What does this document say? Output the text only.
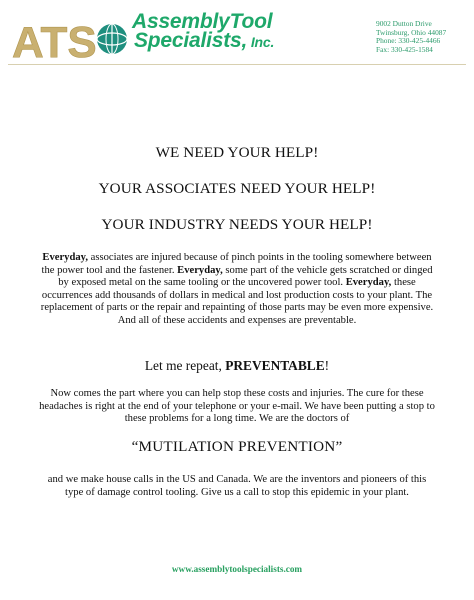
ATS AssemblyTool
Specialists, Inc.
9002 Dutton Drive
Twinsburg, Ohio 44087
Phone: 330-425-4466
Fax: 330-425-1584
WE NEED YOUR HELP!
YOUR ASSOCIATES NEED YOUR HELP!
YOUR INDUSTRY NEEDS YOUR HELP!
Everyday, associates are injured because of pinch points in the tooling somewhere between the power tool and the fastener. Everyday, some part of the vehicle gets scratched or dinged by exposed metal on the same tooling or the uncovered power tool. Everyday, these occurrences add thousands of dollars in medical and lost production costs to your plant. The replacement of parts or the repair and repainting of those parts may be even more expensive. And all of these accidents and expenses are preventable.
Let me repeat, PREVENTABLE!
Now comes the part where you can help stop these costs and injuries. The cure for these headaches is right at the end of your telephone or your e-mail. We have been putting a stop to these problems for a long time. We are the doctors of
“MUTILATION PREVENTION”
and we make house calls in the US and Canada. We are the inventors and pioneers of this type of damage control tooling. Give us a call to stop this epidemic in your plant.
www.assemblytoolspecialists.com
